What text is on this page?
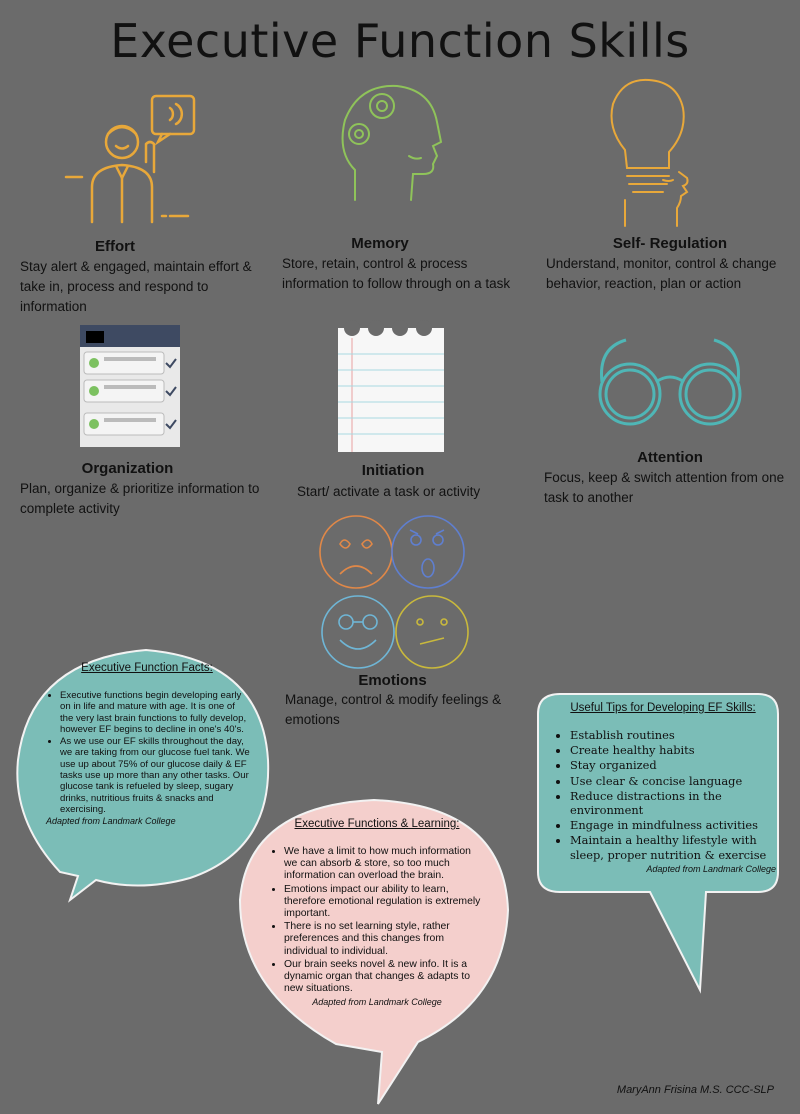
Executive Function Skills
Effort
Stay alert & engaged, maintain effort & take in, process and respond to information
Memory
Store, retain, control & process information to follow through on a task
Self- Regulation
Understand, monitor, control & change behavior, reaction, plan or action
Organization
Plan, organize & prioritize information to complete activity
Initiation
Start/ activate a task or activity
Attention
Focus, keep & switch attention from one task to another
Emotions
Manage, control & modify feelings & emotions
Executive Function Facts:
• Executive functions begin developing early on in life and mature with age. It is one of the very last brain functions to fully develop, however EF begins to decline in one's 40's.
• As we use our EF skills throughout the day, we are taking from our glucose fuel tank. We use up about 75% of our glucose daily & EF tasks use up more than any other tasks. Our glucose tank is refueled by sleep, sugary drinks, nutritious fruits & snacks and exercising.
Adapted from Landmark College	Executive Functions & Learning:
• We have a limit to how much information we can absorb & store, so too much information can overload the brain.
• Emotions impact our ability to learn, therefore emotional regulation is extremely important.
• There is no set learning style, rather preferences and this changes from individual to individual.
• Our brain seeks novel & new info. It is a dynamic organ that changes & adapts to new situations.
Adapted from Landmark College
Useful Tips for Developing EF Skills:
• Establish routines
• Create healthy habits
• Stay organized
• Use clear & concise language
• Reduce distractions in the environment
• Engage in mindfulness activities
• Maintain a healthy lifestyle with sleep, proper nutrition & exercise
Adapted from Landmark College
MaryAnn Frisina M.S. CCC-SLP
